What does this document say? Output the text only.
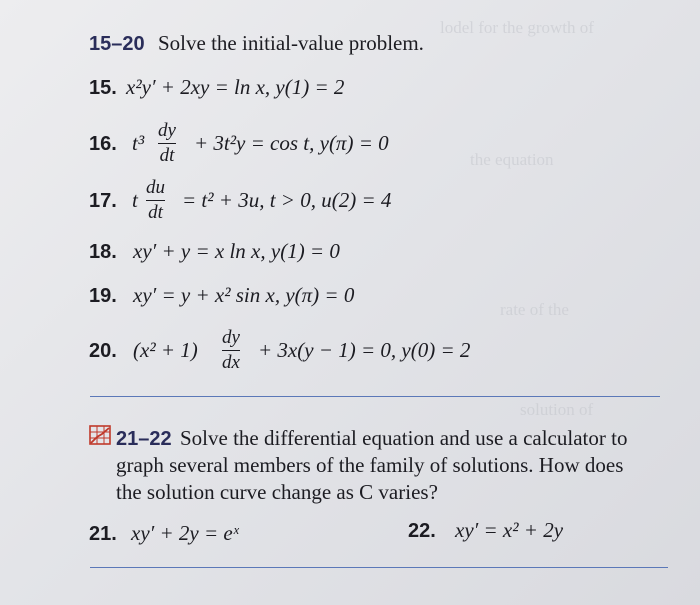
lodel for the growth of
the equation
rate of the
solution of
15–20 Solve the initial-value problem.
15. x²y′ + 2xy = ln x, y(1) = 2
16. t³
dy
dt
+ 3t²y = cos t, y(π) = 0
17. t
du
dt
= t² + 3u, t > 0, u(2) = 4
18. xy′ + y = x ln x, y(1) = 0
19. xy′ = y + x² sin x, y(π) = 0
20. (x² + 1)
dy
dx
+ 3x(y − 1) = 0, y(0) = 2
21–22 Solve the differential equation and use a calculator to
graph several members of the family of solutions. How does
the solution curve change as C varies?
21. xy′ + 2y = eˣ	22. xy′ = x² + 2y
